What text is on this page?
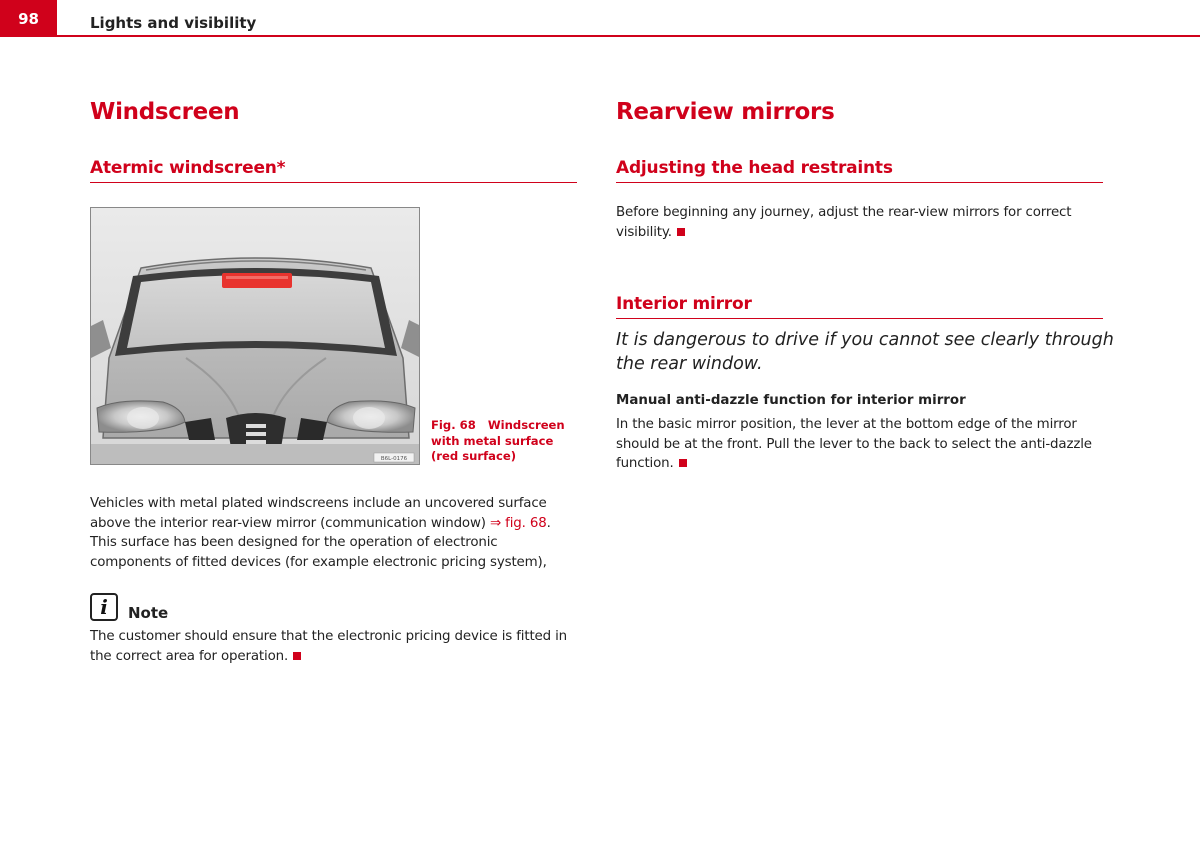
98	Lights and visibility
Windscreen
Atermic windscreen*
B6L-0176
Fig. 68 Windscreen with metal surface (red surface)

Vehicles with metal plated windscreens include an uncovered surface above the interior rear-view mirror (communication window) ⇒ fig. 68. This surface has been designed for the operation of electronic components of fitted devices (for example electronic pricing system),

i	Note

The customer should ensure that the electronic pricing device is fitted in the correct area for operation.

Rearview mirrors
Adjusting the head restraints

Before beginning any journey, adjust the rear-view mirrors for correct visibility.

Interior mirror

It is dangerous to drive if you cannot see clearly through the rear window.

Manual anti-dazzle function for interior mirror

In the basic mirror position, the lever at the bottom edge of the mirror should be at the front. Pull the lever to the back to select the anti-dazzle function.
